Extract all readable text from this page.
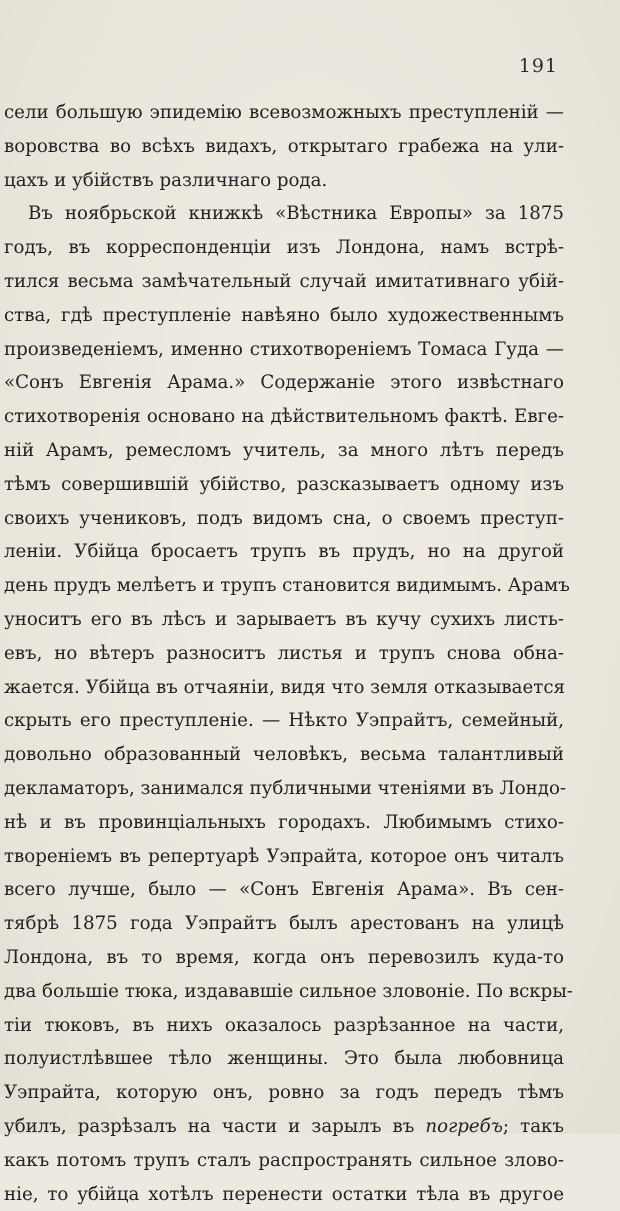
191
сели большую эпидемію всевозможныхъ преступленій —
воровства во всѣхъ видахъ, открытаго грабежа на ули-
цахъ и убійствъ различнаго рода.
Въ ноябрьской книжкѣ «Вѣстника Европы» за 1875
годъ, въ корреспонденціи изъ Лондона, намъ встрѣ-
тился весьма замѣчательный случай имитативнаго убій-
ства, гдѣ преступленіе навѣяно было художественнымъ
произведеніемъ, именно стихотвореніемъ Томаса Гуда —
«Сонъ Евгенія Арама.» Содержаніе этого извѣстнаго
стихотворенія основано на дѣйствительномъ фактѣ. Евге-
ній Арамъ, ремесломъ учитель, за много лѣтъ передъ
тѣмъ совершившій убійство, разсказываетъ одному изъ
своихъ учениковъ, подъ видомъ сна, о своемъ преступ-
леніи. Убійца бросаетъ трупъ въ прудъ, но на другой
день прудъ мелѣетъ и трупъ становится видимымъ. Арамъ
уноситъ его въ лѣсъ и зарываетъ въ кучу сухихъ листь-
евъ, но вѣтеръ разноситъ листья и трупъ снова обна-
жается. Убійца въ отчаяніи, видя что земля отказывается
скрыть его преступленіе. — Нѣкто Уэпрайтъ, семейный,
довольно образованный человѣкъ, весьма талантливый
декламаторъ, занимался публичными чтеніями въ Лондо-
нѣ и въ провинціальныхъ городахъ. Любимымъ стихо-
твореніемъ въ репертуарѣ Уэпрайта, которое онъ читалъ
всего лучше, было — «Сонъ Евгенія Арама». Въ сен-
тябрѣ 1875 года Уэпрайтъ былъ арестованъ на улицѣ
Лондона, въ то время, когда онъ перевозилъ куда-то
два большіе тюка, издававшіе сильное зловоніе. По вскры-
тіи тюковъ, въ нихъ оказалось разрѣзанное на части,
полуистлѣвшее тѣло женщины. Это была любовница
Уэпрайта, которую онъ, ровно за годъ передъ тѣмъ
убилъ, разрѣзалъ на части и зарылъ въ погребъ; такъ
какъ потомъ трупъ сталъ распространять сильное злово-
ніе, то убійца хотѣлъ перенести остатки тѣла въ другое
